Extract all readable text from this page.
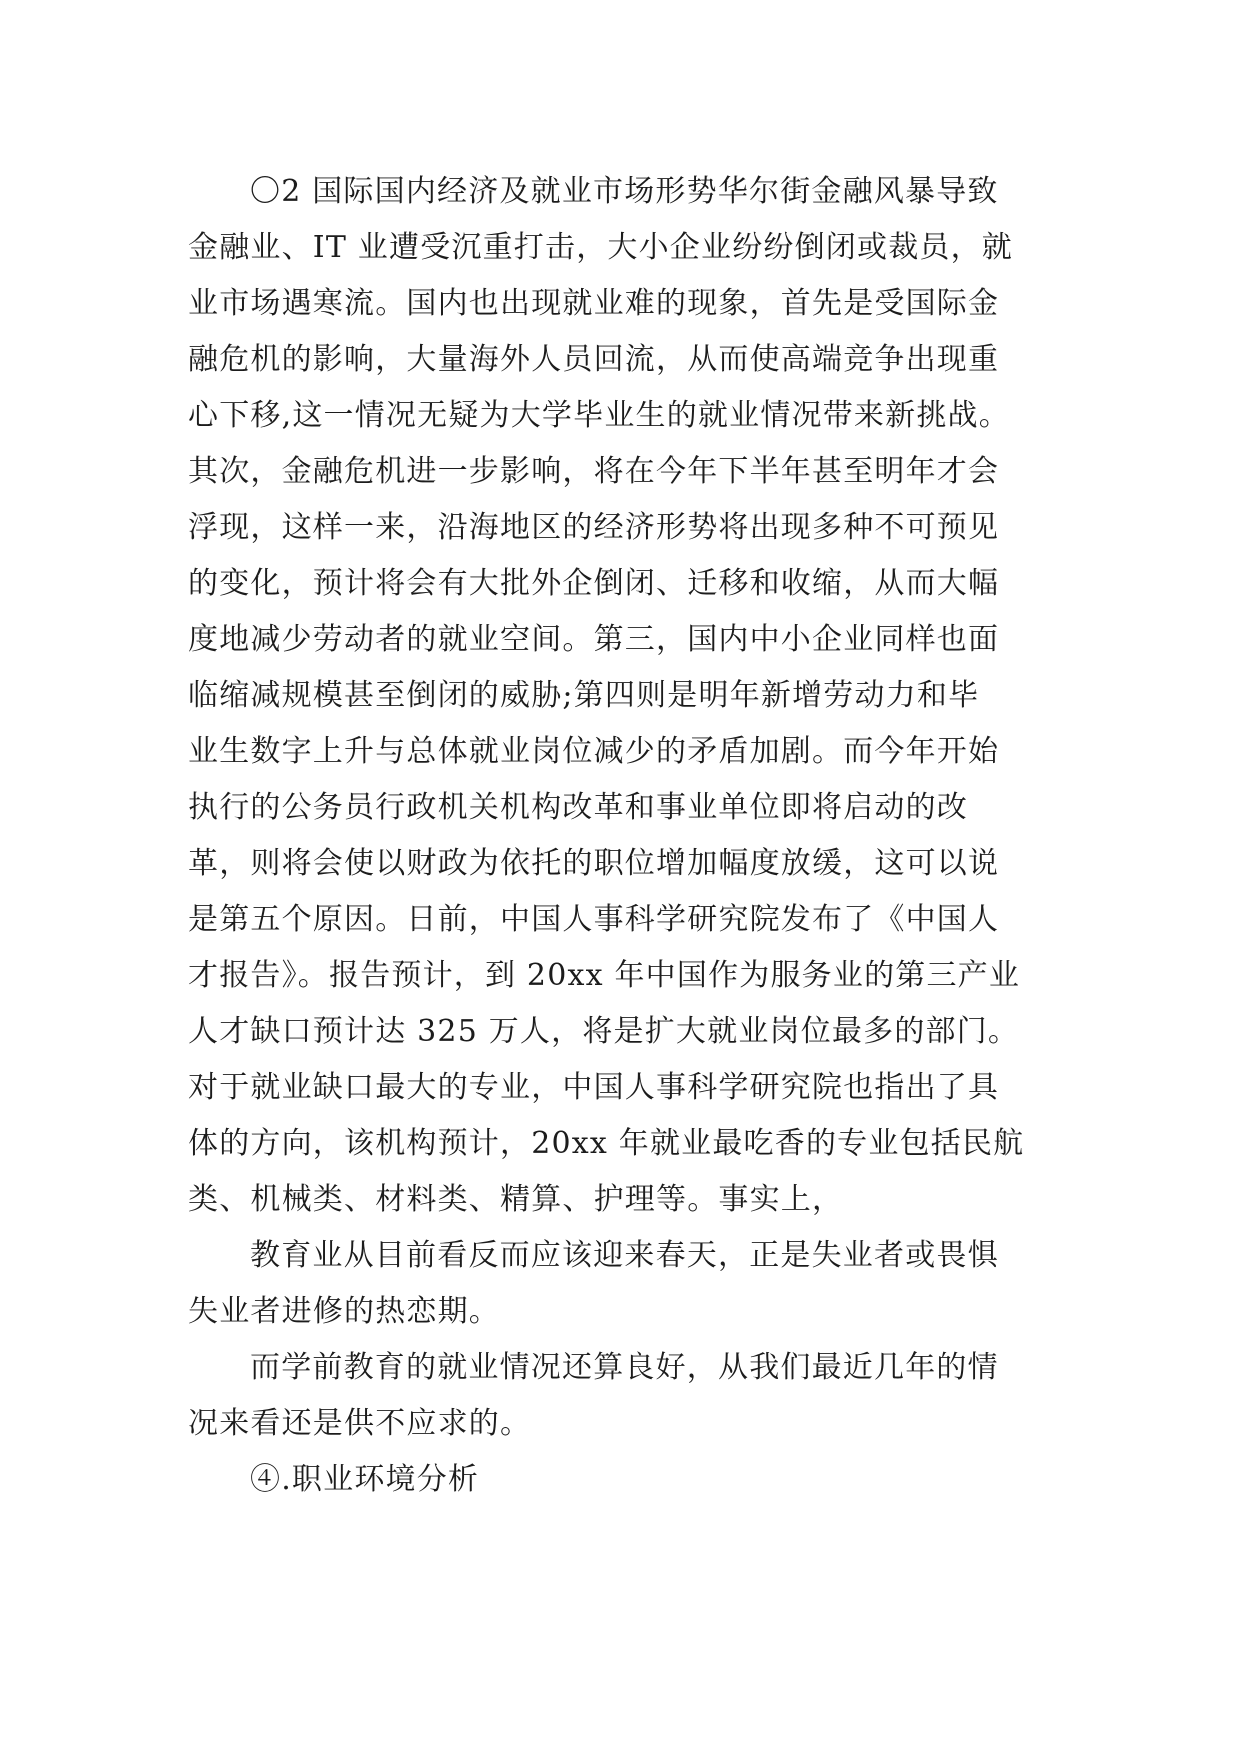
〇2 国际国内经济及就业市场形势华尔街金融风暴导致
金融业、IT 业遭受沉重打击，大小企业纷纷倒闭或裁员，就
业市场遇寒流。国内也出现就业难的现象，首先是受国际金
融危机的影响，大量海外人员回流，从而使高端竞争出现重
心下移,这一情况无疑为大学毕业生的就业情况带来新挑战。
其次，金融危机进一步影响，将在今年下半年甚至明年才会
浮现，这样一来，沿海地区的经济形势将出现多种不可预见
的变化，预计将会有大批外企倒闭、迁移和收缩，从而大幅
度地减少劳动者的就业空间。第三，国内中小企业同样也面
临缩减规模甚至倒闭的威胁;第四则是明年新增劳动力和毕
业生数字上升与总体就业岗位减少的矛盾加剧。而今年开始
执行的公务员行政机关机构改革和事业单位即将启动的改
革，则将会使以财政为依托的职位增加幅度放缓，这可以说
是第五个原因。日前，中国人事科学研究院发布了《中国人
才报告》。报告预计，到 20xx 年中国作为服务业的第三产业
人才缺口预计达 325 万人，将是扩大就业岗位最多的部门。
对于就业缺口最大的专业，中国人事科学研究院也指出了具
体的方向，该机构预计，20xx 年就业最吃香的专业包括民航
类、机械类、材料类、精算、护理等。事实上，
教育业从目前看反而应该迎来春天，正是失业者或畏惧
失业者进修的热恋期。
而学前教育的就业情况还算良好，从我们最近几年的情
况来看还是供不应求的。
④.职业环境分析
